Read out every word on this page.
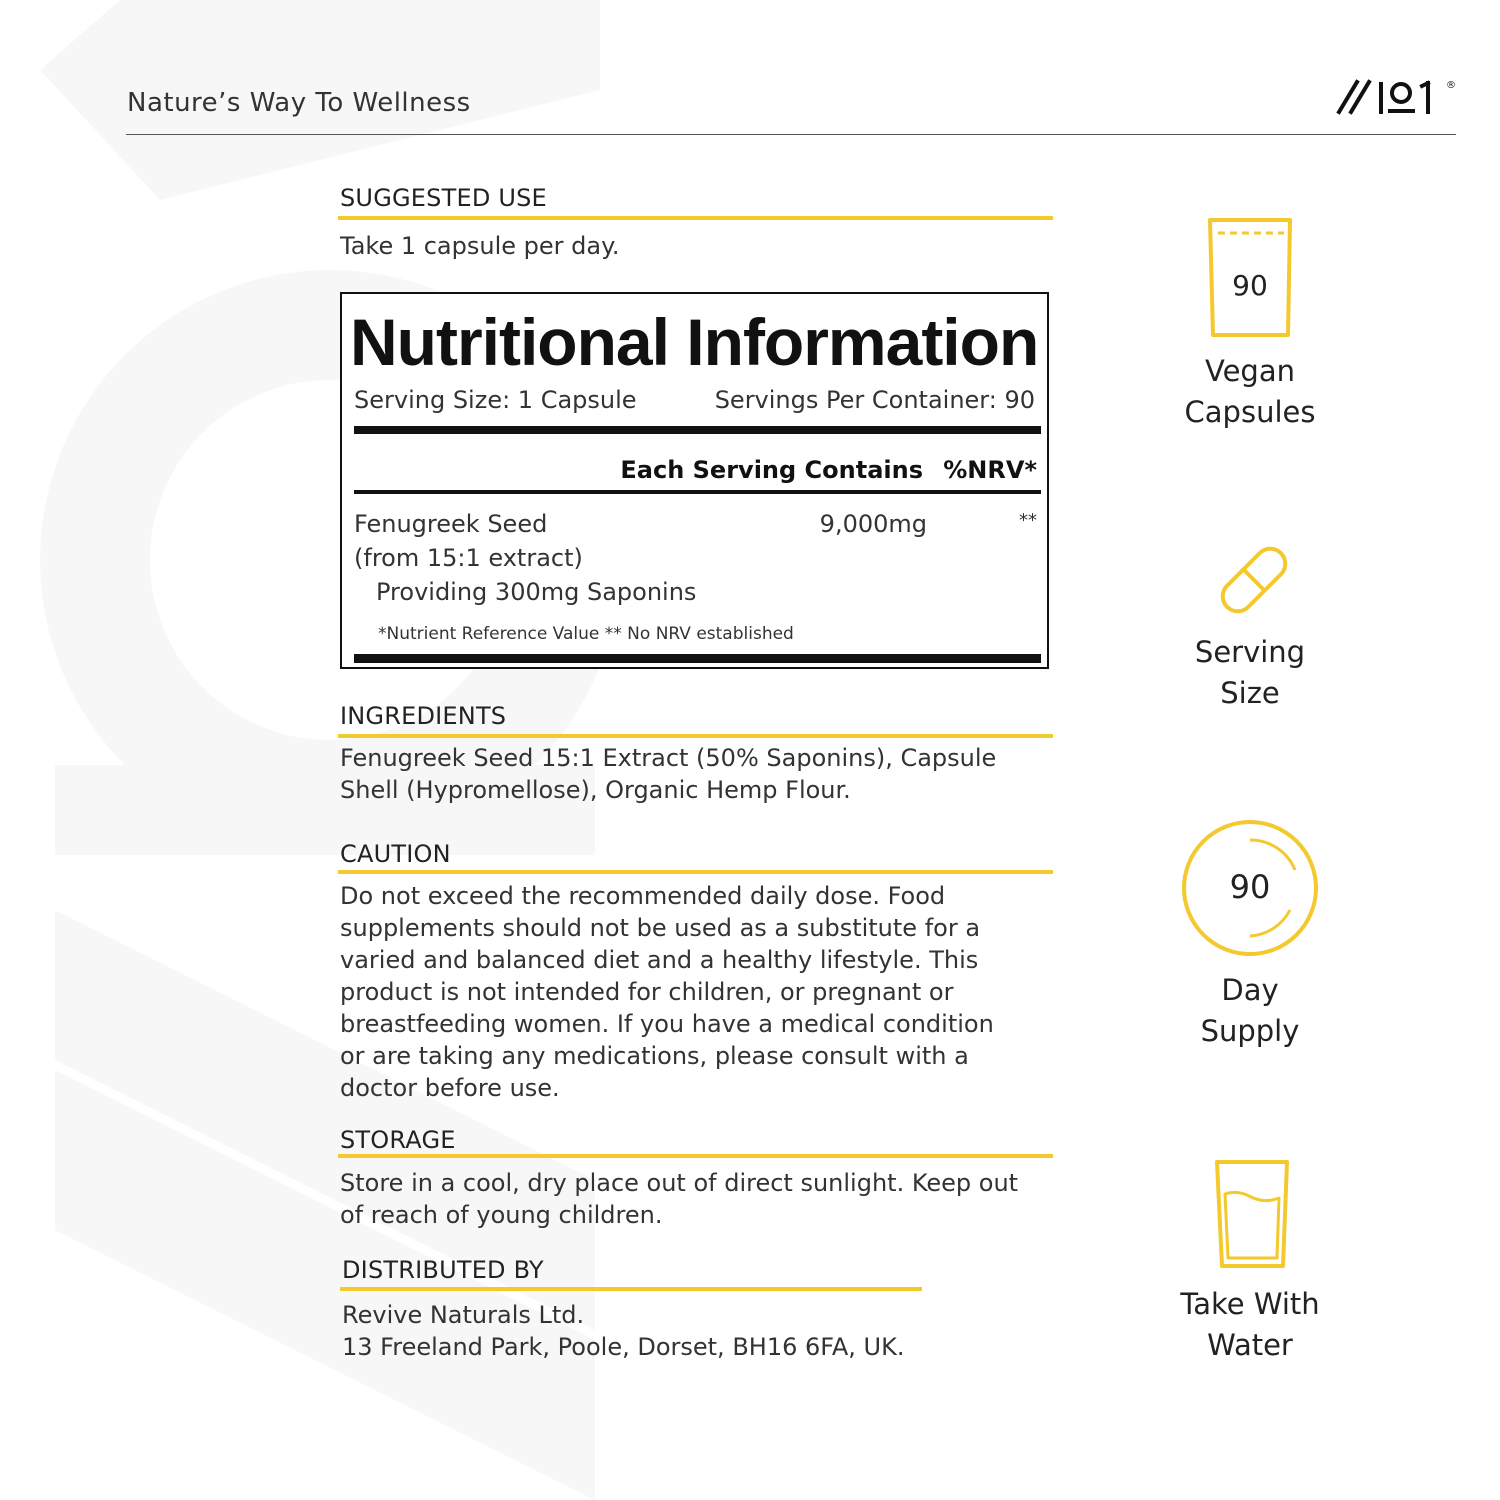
Nature’s Way To Wellness
®
SUGGESTED USE
Take 1 capsule per day.
Nutritional Information
Serving Size: 1 Capsule	Servings Per Container: 90
Each Serving Contains %NRV*
Fenugreek Seed
(from 15:1 extract)
Providing 300mg Saponins
9,000mg	**
*Nutrient Reference Value ** No NRV established
INGREDIENTS
Fenugreek Seed 15:1 Extract (50% Saponins), Capsule
Shell (Hypromellose), Organic Hemp Flour.
CAUTION
Do not exceed the recommended daily dose. Food
supplements should not be used as a substitute for a
varied and balanced diet and a healthy lifestyle. This
product is not intended for children, or pregnant or
breastfeeding women. If you have a medical condition
or are taking any medications, please consult with a
doctor before use.
STORAGE
Store in a cool, dry place out of direct sunlight. Keep out
of reach of young children.
DISTRIBUTED BY
Revive Naturals Ltd.
13 Freeland Park, Poole, Dorset, BH16 6FA, UK.
90
Vegan
Capsules
Serving
Size
90
Day
Supply
Take With
Water
